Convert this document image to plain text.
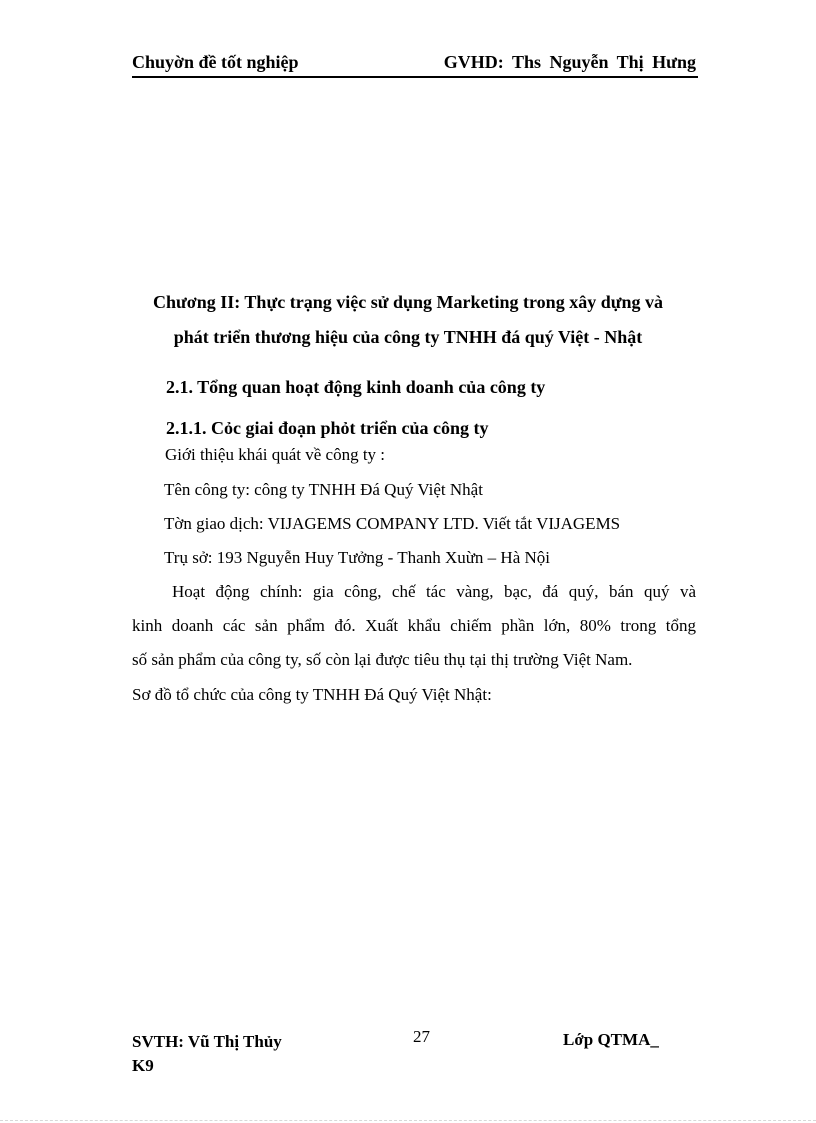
Chuyờn đề tốt nghiệp	GVHD: Ths Nguyễn Thị Hưng
Chương II: Thực trạng việc sử dụng Marketing trong xây dựng và
phát triển thương hiệu của công ty TNHH đá quý Việt - Nhật
2.1. Tổng quan hoạt động kinh doanh của công ty
2.1.1. Cỏc giai đoạn phỏt triển của công ty
Giới thiệu khái quát về công ty :
Tên công ty: công ty TNHH Đá Quý Việt Nhật
Tờn giao dịch: VIJAGEMS COMPANY LTD. Viết tắt VIJAGEMS
Trụ sở: 193 Nguyễn Huy Tưởng - Thanh Xuừn – Hà Nội
Hoạt động chính: gia công, chế tác vàng, bạc, đá quý, bán quý và
kinh doanh các sản phẩm đó. Xuất khẩu chiếm phần lớn, 80% trong tổng
số sản phẩm của công ty, số còn lại được tiêu thụ tại thị trường Việt Nam.
Sơ đồ tổ chức của công ty TNHH Đá Quý Việt Nhật:
SVTH: Vũ Thị Thủy
K9
27	Lớp QTMA_
